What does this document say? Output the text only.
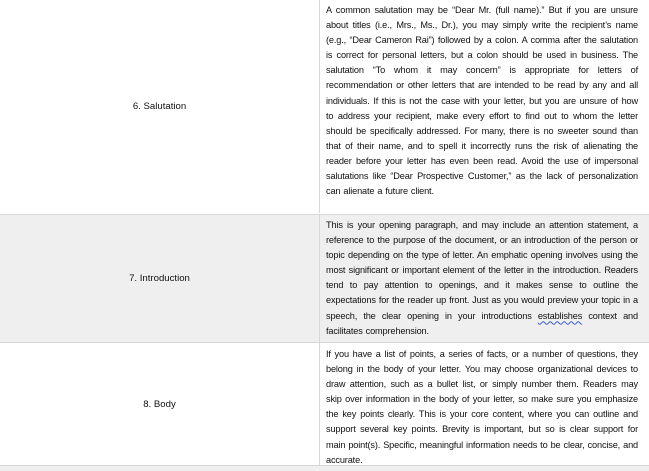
6. Salutation
A common salutation may be “Dear Mr. (full name).” But if you are unsure about titles (i.e., Mrs., Ms., Dr.), you may simply write the recipient’s name (e.g., “Dear Cameron Rai”) followed by a colon. A comma after the salutation is correct for personal letters, but a colon should be used in business. The salutation “To whom it may concern” is appropriate for letters of recommendation or other letters that are intended to be read by any and all individuals. If this is not the case with your letter, but you are unsure of how to address your recipient, make every effort to find out to whom the letter should be specifically addressed. For many, there is no sweeter sound than that of their name, and to spell it incorrectly runs the risk of alienating the reader before your letter has even been read. Avoid the use of impersonal salutations like “Dear Prospective Customer,” as the lack of personalization can alienate a future client.
7. Introduction
This is your opening paragraph, and may include an attention statement, a reference to the purpose of the document, or an introduction of the person or topic depending on the type of letter. An emphatic opening involves using the most significant or important element of the letter in the introduction. Readers tend to pay attention to openings, and it makes sense to outline the expectations for the reader up front. Just as you would preview your topic in a speech, the clear opening in your introductions establishes context and facilitates comprehension.
8. Body
If you have a list of points, a series of facts, or a number of questions, they belong in the body of your letter. You may choose organizational devices to draw attention, such as a bullet list, or simply number them. Readers may skip over information in the body of your letter, so make sure you emphasize the key points clearly. This is your core content, where you can outline and support several key points. Brevity is important, but so is clear support for main point(s). Specific, meaningful information needs to be clear, concise, and accurate.
